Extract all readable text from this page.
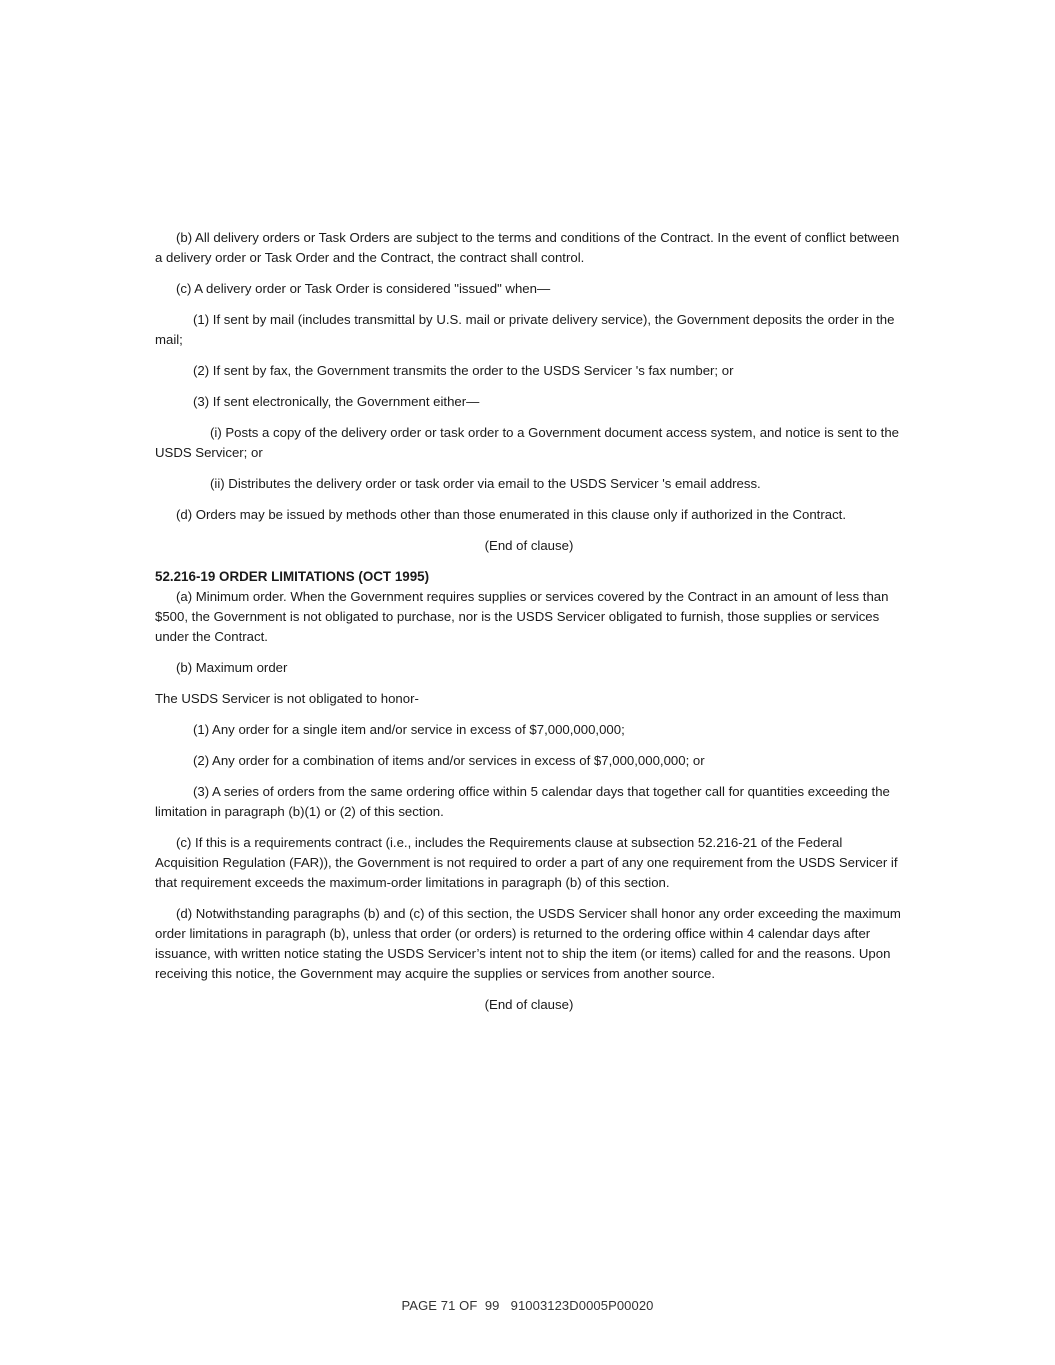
(b) All delivery orders or Task Orders are subject to the terms and conditions of the Contract. In the event of conflict between a delivery order or Task Order and the Contract, the contract shall control.

(c) A delivery order or Task Order is considered "issued" when—

(1) If sent by mail (includes transmittal by U.S. mail or private delivery service), the Government deposits the order in the mail;

(2) If sent by fax, the Government transmits the order to the USDS Servicer 's fax number; or

(3) If sent electronically, the Government either—

(i) Posts a copy of the delivery order or task order to a Government document access system, and notice is sent to the USDS Servicer; or

(ii) Distributes the delivery order or task order via email to the USDS Servicer 's email address.

(d) Orders may be issued by methods other than those enumerated in this clause only if authorized in the Contract.

(End of clause)

52.216-19 ORDER LIMITATIONS (OCT 1995)

(a) Minimum order. When the Government requires supplies or services covered by the Contract in an amount of less than $500, the Government is not obligated to purchase, nor is the USDS Servicer obligated to furnish, those supplies or services under the Contract.

(b) Maximum order

The USDS Servicer is not obligated to honor-

(1) Any order for a single item and/or service in excess of $7,000,000,000;

(2) Any order for a combination of items and/or services in excess of $7,000,000,000; or

(3) A series of orders from the same ordering office within 5 calendar days that together call for quantities exceeding the limitation in paragraph (b)(1) or (2) of this section.

(c) If this is a requirements contract (i.e., includes the Requirements clause at subsection 52.216-21 of the Federal Acquisition Regulation (FAR)), the Government is not required to order a part of any one requirement from the USDS Servicer if that requirement exceeds the maximum-order limitations in paragraph (b) of this section.

(d) Notwithstanding paragraphs (b) and (c) of this section, the USDS Servicer shall honor any order exceeding the maximum order limitations in paragraph (b), unless that order (or orders) is returned to the ordering office within 4 calendar days after issuance, with written notice stating the USDS Servicer’s intent not to ship the item (or items) called for and the reasons. Upon receiving this notice, the Government may acquire the supplies or services from another source.

(End of clause)

PAGE 71 OF  99 91003123D0005P00020
